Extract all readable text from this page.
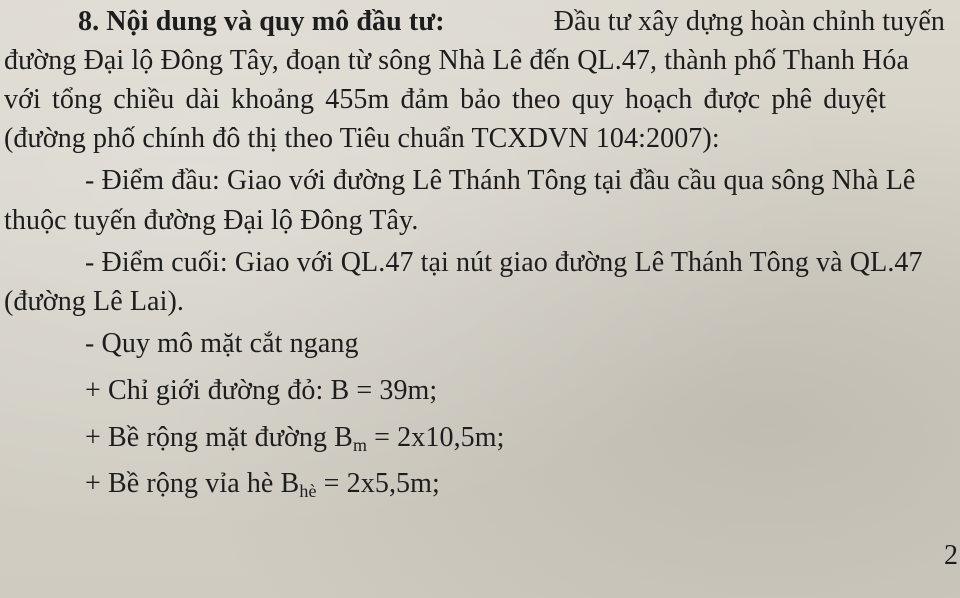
8. Nội dung và quy mô đầu tư:	Đầu tư xây dựng hoàn chỉnh tuyến
đường Đại lộ Đông Tây, đoạn từ sông Nhà Lê đến QL.47, thành phố Thanh Hóa
với tổng chiều dài khoảng 455m đảm bảo theo quy hoạch được phê duyệt
(đường phố chính đô thị theo Tiêu chuẩn TCXDVN 104:2007):
- Điểm đầu: Giao với đường Lê Thánh Tông tại đầu cầu qua sông Nhà Lê
thuộc tuyến đường Đại lộ Đông Tây.
- Điểm cuối: Giao với QL.47 tại nút giao đường Lê Thánh Tông và QL.47
(đường Lê Lai).
- Quy mô mặt cắt ngang
+ Chỉ giới đường đỏ: B = 39m;
+ Bề rộng mặt đường $B_m = 2x10,5m$;
+ Bề rộng vỉa hè $B_{hè} = 2x5,5m$;
2
